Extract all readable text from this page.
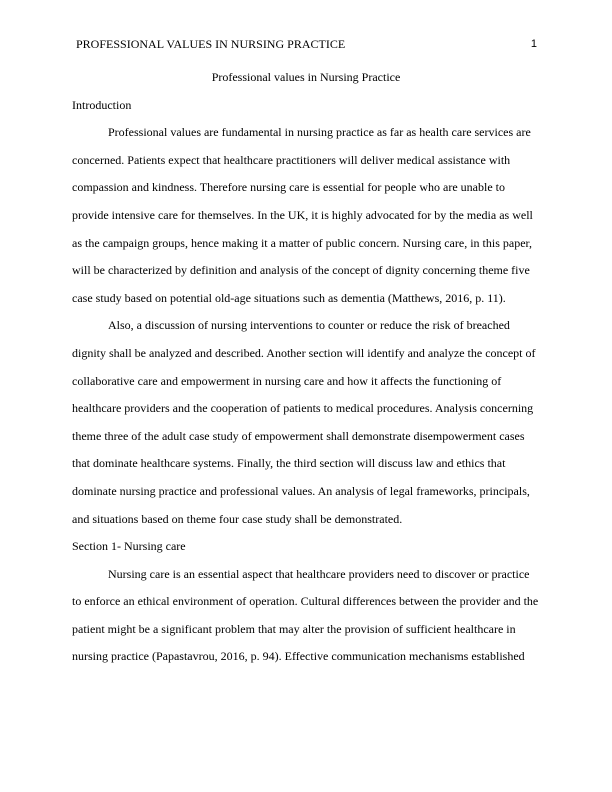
PROFESSIONAL VALUES IN NURSING PRACTICE	1

Professional values in Nursing Practice

Introduction

Professional values are fundamental in nursing practice as far as health care services are concerned. Patients expect that healthcare practitioners will deliver medical assistance with compassion and kindness. Therefore nursing care is essential for people who are unable to provide intensive care for themselves. In the UK, it is highly advocated for by the media as well as the campaign groups, hence making it a matter of public concern. Nursing care, in this paper, will be characterized by definition and analysis of the concept of dignity concerning theme five case study based on potential old-age situations such as dementia (Matthews, 2016, p. 11).

Also, a discussion of nursing interventions to counter or reduce the risk of breached dignity shall be analyzed and described. Another section will identify and analyze the concept of collaborative care and empowerment in nursing care and how it affects the functioning of healthcare providers and the cooperation of patients to medical procedures. Analysis concerning theme three of the adult case study of empowerment shall demonstrate disempowerment cases that dominate healthcare systems. Finally, the third section will discuss law and ethics that dominate nursing practice and professional values. An analysis of legal frameworks, principals, and situations based on theme four case study shall be demonstrated.

Section 1- Nursing care

Nursing care is an essential aspect that healthcare providers need to discover or practice to enforce an ethical environment of operation. Cultural differences between the provider and the patient might be a significant problem that may alter the provision of sufficient healthcare in nursing practice (Papastavrou, 2016, p. 94). Effective communication mechanisms established
